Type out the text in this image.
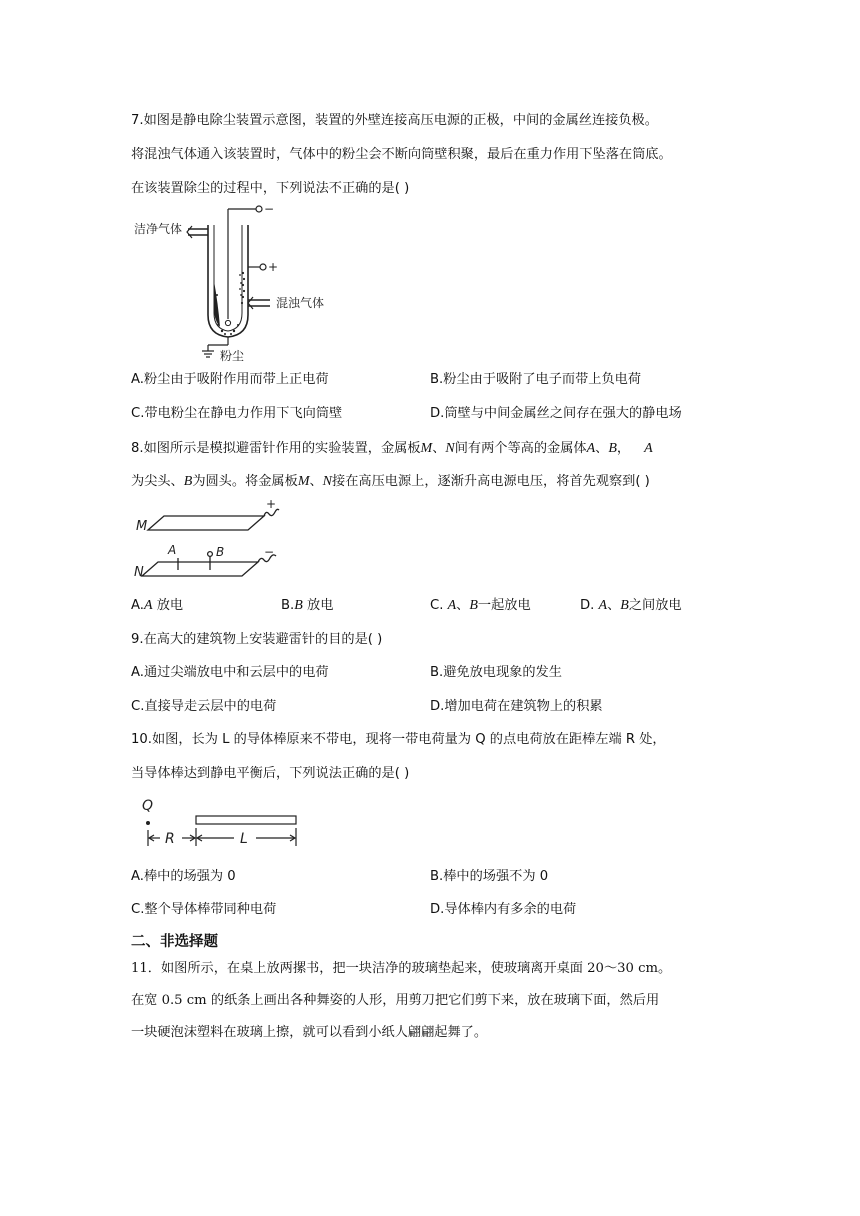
7.如图是静电除尘装置示意图，装置的外壁连接高压电源的正极，中间的金属丝连接负极。
将混浊气体通入该装置时，气体中的粉尘会不断向筒壁积聚，最后在重力作用下坠落在筒底。
在该装置除尘的过程中，下列说法不正确的是( )
洁净气体
混浊气体
粉尘
−
+
A.粉尘由于吸附作用而带上正电荷	B.粉尘由于吸附了电子而带上负电荷
C.带电粉尘在静电力作用下飞向筒壁	D.筒壁与中间金属丝之间存在强大的静电场
8.如图所示是模拟避雷针作用的实验装置，金属板M、N间有两个等高的金属体A、B， A
为尖头、B为圆头。将金属板M、N接在高压电源上，逐渐升高电源电压，将首先观察到( )
M
N
A	B
+
−
A.A 放电	B.B 放电	C. A、B一起放电	D. A、B之间放电
9.在高大的建筑物上安装避雷针的目的是( )
A.通过尖端放电中和云层中的电荷	B.避免放电现象的发生
C.直接导走云层中的电荷	D.增加电荷在建筑物上的积累
10.如图，长为 L 的导体棒原来不带电，现将一带电荷量为 Q 的点电荷放在距棒左端 R 处，
当导体棒达到静电平衡后，下列说法正确的是( )
Q
R	L
A.棒中的场强为 0	B.棒中的场强不为 0
C.整个导体棒带同种电荷	D.导体棒内有多余的电荷
二、非选择题
11．如图所示，在桌上放两摞书，把一块洁净的玻璃垫起来，使玻璃离开桌面 20～30 cm。
在宽 0.5 cm 的纸条上画出各种舞姿的人形，用剪刀把它们剪下来，放在玻璃下面，然后用
一块硬泡沫塑料在玻璃上擦，就可以看到小纸人翩翩起舞了。
